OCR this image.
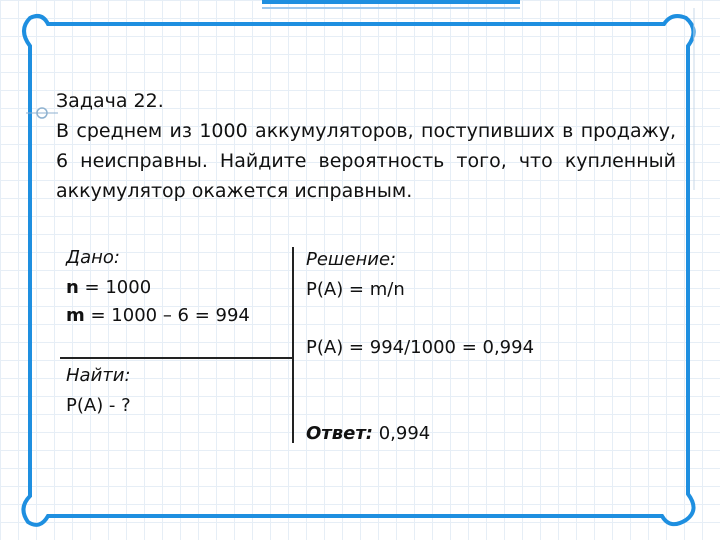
Задача 22.

В среднем из 1000 аккумуляторов, поступивших в продажу, 6 неисправны. Найдите вероятность того, что купленный аккумулятор окажется исправным.

Дано:
n = 1000
m = 1000 – 6 = 994
Найти:
P(A) - ?
Решение:
P(A) = m/n
P(A) = 994/1000 = 0,994
Ответ: 0,994
